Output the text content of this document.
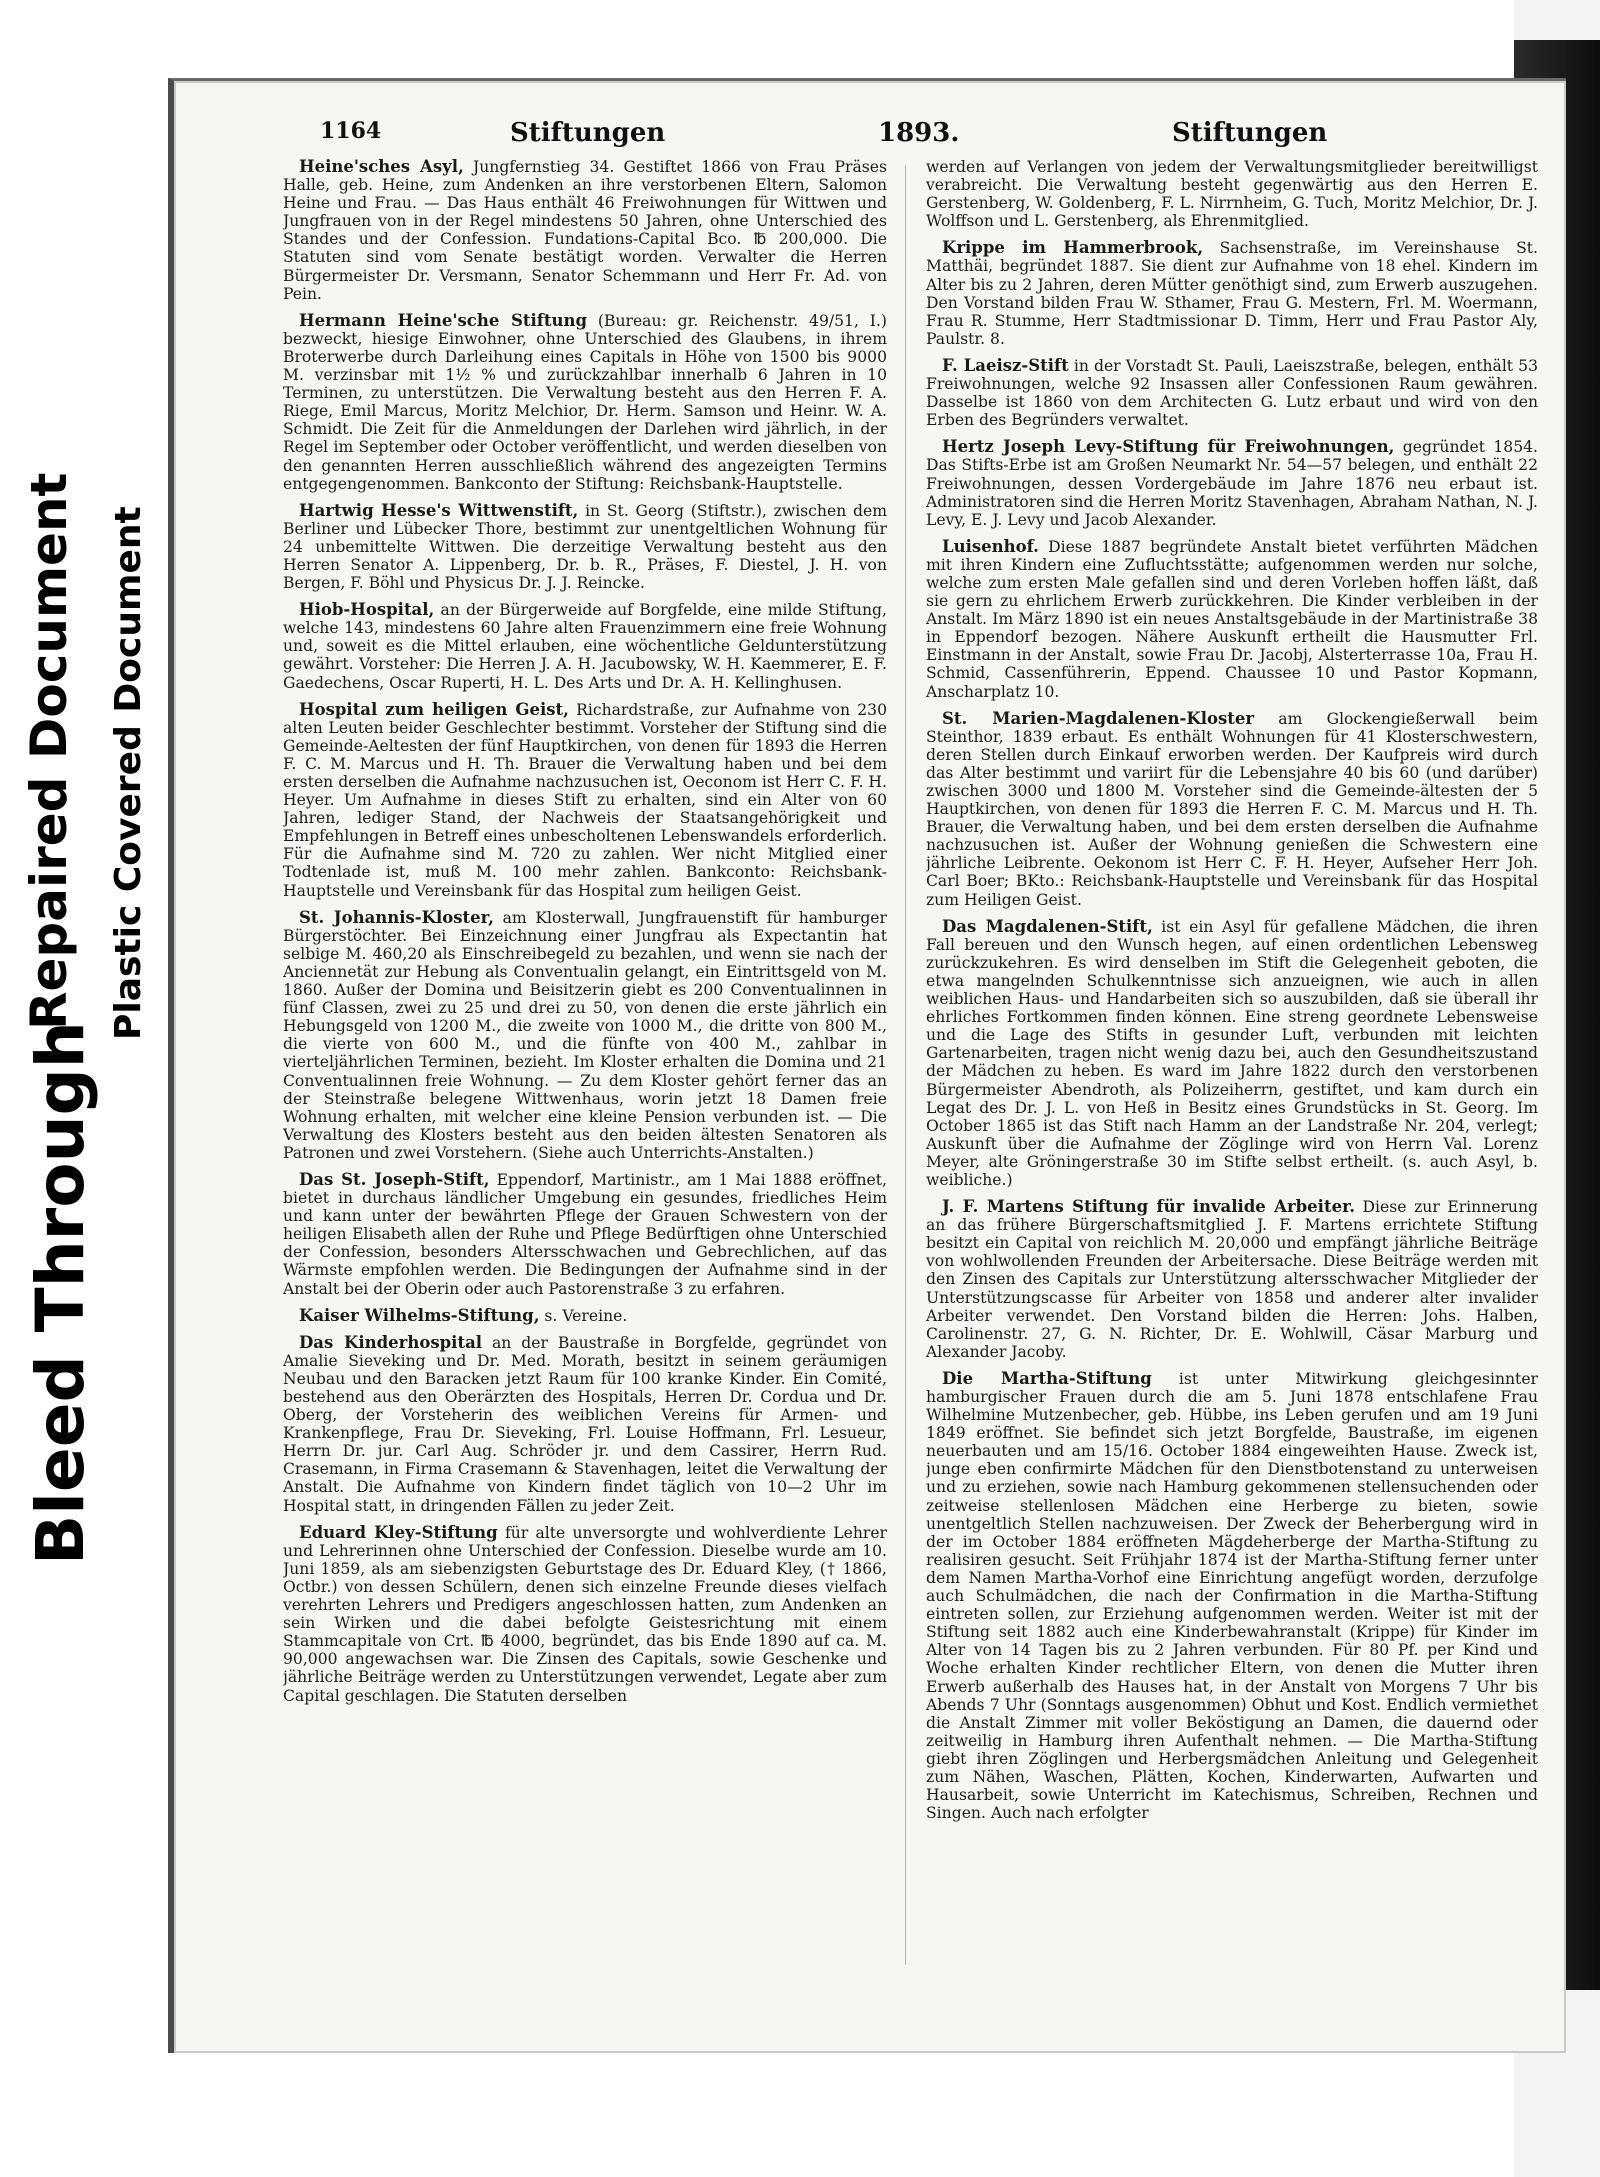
Bleed Through
Repaired Document Plastic Covered Document
1164	Stiftungen	1893.	Stiftungen

Heine'sches Asyl, Jungfernstieg 34. Gestiftet 1866 von Frau Präses Halle, geb. Heine, zum Andenken an ihre verstorbenen Eltern, Salomon Heine und Frau. — Das Haus enthält 46 Freiwohnungen für Wittwen und Jungfrauen von in der Regel mindestens 50 Jahren, ohne Unterschied des Standes und der Confession. Fundations-Capital Bco. ℔ 200,000. Die Statuten sind vom Senate bestätigt worden. Verwalter die Herren Bürgermeister Dr. Versmann, Senator Schemmann und Herr Fr. Ad. von Pein.

Hermann Heine'sche Stiftung (Bureau: gr. Reichenstr. 49/51, I.) bezweckt, hiesige Einwohner, ohne Unterschied des Glaubens, in ihrem Broterwerbe durch Darleihung eines Capitals in Höhe von 1500 bis 9000 M. verzinsbar mit 1½ % und zurückzahlbar innerhalb 6 Jahren in 10 Terminen, zu unterstützen. Die Verwaltung besteht aus den Herren F. A. Riege, Emil Marcus, Moritz Melchior, Dr. Herm. Samson und Heinr. W. A. Schmidt. Die Zeit für die Anmeldungen der Darlehen wird jährlich, in der Regel im September oder October veröffentlicht, und werden dieselben von den genannten Herren ausschließlich während des angezeigten Termins entgegengenommen. Bankconto der Stiftung: Reichsbank-Hauptstelle.

Hartwig Hesse's Wittwenstift, in St. Georg (Stiftstr.), zwischen dem Berliner und Lübecker Thore, bestimmt zur unentgeltlichen Wohnung für 24 unbemittelte Wittwen. Die derzeitige Verwaltung besteht aus den Herren Senator A. Lippenberg, Dr. b. R., Präses, F. Diestel, J. H. von Bergen, F. Böhl und Physicus Dr. J. J. Reincke.

Hiob-Hospital, an der Bürgerweide auf Borgfelde, eine milde Stiftung, welche 143, mindestens 60 Jahre alten Frauenzimmern eine freie Wohnung und, soweit es die Mittel erlauben, eine wöchentliche Geldunterstützung gewährt. Vorsteher: Die Herren J. A. H. Jacubowsky, W. H. Kaemmerer, E. F. Gaedechens, Oscar Ruperti, H. L. Des Arts und Dr. A. H. Kellinghusen.

Hospital zum heiligen Geist, Richardstraße, zur Aufnahme von 230 alten Leuten beider Geschlechter bestimmt. Vorsteher der Stiftung sind die Gemeinde-Aeltesten der fünf Hauptkirchen, von denen für 1893 die Herren F. C. M. Marcus und H. Th. Brauer die Verwaltung haben und bei dem ersten derselben die Aufnahme nachzusuchen ist, Oeconom ist Herr C. F. H. Heyer. Um Aufnahme in dieses Stift zu erhalten, sind ein Alter von 60 Jahren, lediger Stand, der Nachweis der Staatsangehörigkeit und Empfehlungen in Betreff eines unbescholtenen Lebenswandels erforderlich. Für die Aufnahme sind M. 720 zu zahlen. Wer nicht Mitglied einer Todtenlade ist, muß M. 100 mehr zahlen. Bankconto: Reichsbank-Hauptstelle und Vereinsbank für das Hospital zum heiligen Geist.

St. Johannis-Kloster, am Klosterwall, Jungfrauenstift für hamburger Bürgerstöchter. Bei Einzeichnung einer Jungfrau als Expectantin hat selbige M. 460,20 als Einschreibegeld zu bezahlen, und wenn sie nach der Anciennetät zur Hebung als Conventualin gelangt, ein Eintrittsgeld von M. 1860. Außer der Domina und Beisitzerin giebt es 200 Conventualinnen in fünf Classen, zwei zu 25 und drei zu 50, von denen die erste jährlich ein Hebungsgeld von 1200 M., die zweite von 1000 M., die dritte von 800 M., die vierte von 600 M., und die fünfte von 400 M., zahlbar in vierteljährlichen Terminen, bezieht. Im Kloster erhalten die Domina und 21 Conventualinnen freie Wohnung. — Zu dem Kloster gehört ferner das an der Steinstraße belegene Wittwenhaus, worin jetzt 18 Damen freie Wohnung erhalten, mit welcher eine kleine Pension verbunden ist. — Die Verwaltung des Klosters besteht aus den beiden ältesten Senatoren als Patronen und zwei Vorstehern. (Siehe auch Unterrichts-Anstalten.)

Das St. Joseph-Stift, Eppendorf, Martinistr., am 1 Mai 1888 eröffnet, bietet in durchaus ländlicher Umgebung ein gesundes, friedliches Heim und kann unter der bewährten Pflege der Grauen Schwestern von der heiligen Elisabeth allen der Ruhe und Pflege Bedürftigen ohne Unterschied der Confession, besonders Altersschwachen und Gebrechlichen, auf das Wärmste empfohlen werden. Die Bedingungen der Aufnahme sind in der Anstalt bei der Oberin oder auch Pastorenstraße 3 zu erfahren.

Kaiser Wilhelms-Stiftung, s. Vereine.

Das Kinderhospital an der Baustraße in Borgfelde, gegründet von Amalie Sieveking und Dr. Med. Morath, besitzt in seinem geräumigen Neubau und den Baracken jetzt Raum für 100 kranke Kinder. Ein Comité, bestehend aus den Oberärzten des Hospitals, Herren Dr. Cordua und Dr. Oberg, der Vorsteherin des weiblichen Vereins für Armen- und Krankenpflege, Frau Dr. Sieveking, Frl. Louise Hoffmann, Frl. Lesueur, Herrn Dr. jur. Carl Aug. Schröder jr. und dem Cassirer, Herrn Rud. Crasemann, in Firma Crasemann & Stavenhagen, leitet die Verwaltung der Anstalt. Die Aufnahme von Kindern findet täglich von 10—2 Uhr im Hospital statt, in dringenden Fällen zu jeder Zeit.

Eduard Kley-Stiftung für alte unversorgte und wohlverdiente Lehrer und Lehrerinnen ohne Unterschied der Confession. Dieselbe wurde am 10. Juni 1859, als am siebenzigsten Geburtstage des Dr. Eduard Kley, († 1866, Octbr.) von dessen Schülern, denen sich einzelne Freunde dieses vielfach verehrten Lehrers und Predigers angeschlossen hatten, zum Andenken an sein Wirken und die dabei befolgte Geistesrichtung mit einem Stammcapitale von Crt. ℔ 4000, begründet, das bis Ende 1890 auf ca. M. 90,000 angewachsen war. Die Zinsen des Capitals, sowie Geschenke und jährliche Beiträge werden zu Unterstützungen verwendet, Legate aber zum Capital geschlagen. Die Statuten derselben

werden auf Verlangen von jedem der Verwaltungsmitglieder bereitwilligst verabreicht. Die Verwaltung besteht gegenwärtig aus den Herren E. Gerstenberg, W. Goldenberg, F. L. Nirrnheim, G. Tuch, Moritz Melchior, Dr. J. Wolffson und L. Gerstenberg, als Ehrenmitglied.

Krippe im Hammerbrook, Sachsenstraße, im Vereinshause St. Matthäi, begründet 1887. Sie dient zur Aufnahme von 18 ehel. Kindern im Alter bis zu 2 Jahren, deren Mütter genöthigt sind, zum Erwerb auszugehen. Den Vorstand bilden Frau W. Sthamer, Frau G. Mestern, Frl. M. Woermann, Frau R. Stumme, Herr Stadtmissionar D. Timm, Herr und Frau Pastor Aly, Paulstr. 8.

F. Laeisz-Stift in der Vorstadt St. Pauli, Laeiszstraße, belegen, enthält 53 Freiwohnungen, welche 92 Insassen aller Confessionen Raum gewähren. Dasselbe ist 1860 von dem Architecten G. Lutz erbaut und wird von den Erben des Begründers verwaltet.

Hertz Joseph Levy-Stiftung für Freiwohnungen, gegründet 1854. Das Stifts-Erbe ist am Großen Neumarkt Nr. 54—57 belegen, und enthält 22 Freiwohnungen, dessen Vordergebäude im Jahre 1876 neu erbaut ist. Administratoren sind die Herren Moritz Stavenhagen, Abraham Nathan, N. J. Levy, E. J. Levy und Jacob Alexander.

Luisenhof. Diese 1887 begründete Anstalt bietet verführten Mädchen mit ihren Kindern eine Zufluchtsstätte; aufgenommen werden nur solche, welche zum ersten Male gefallen sind und deren Vorleben hoffen läßt, daß sie gern zu ehrlichem Erwerb zurückkehren. Die Kinder verbleiben in der Anstalt. Im März 1890 ist ein neues Anstaltsgebäude in der Martinistraße 38 in Eppendorf bezogen. Nähere Auskunft ertheilt die Hausmutter Frl. Einstmann in der Anstalt, sowie Frau Dr. Jacobj, Alsterterrasse 10a, Frau H. Schmid, Cassenführerin, Eppend. Chaussee 10 und Pastor Kopmann, Anscharplatz 10.

St. Marien-Magdalenen-Kloster am Glockengießerwall beim Steinthor, 1839 erbaut. Es enthält Wohnungen für 41 Klosterschwestern, deren Stellen durch Einkauf erworben werden. Der Kaufpreis wird durch das Alter bestimmt und variirt für die Lebensjahre 40 bis 60 (und darüber) zwischen 3000 und 1800 M. Vorsteher sind die Gemeinde-ältesten der 5 Hauptkirchen, von denen für 1893 die Herren F. C. M. Marcus und H. Th. Brauer, die Verwaltung haben, und bei dem ersten derselben die Aufnahme nachzusuchen ist. Außer der Wohnung genießen die Schwestern eine jährliche Leibrente. Oekonom ist Herr C. F. H. Heyer, Aufseher Herr Joh. Carl Boer; BKto.: Reichsbank-Hauptstelle und Vereinsbank für das Hospital zum Heiligen Geist.

Das Magdalenen-Stift, ist ein Asyl für gefallene Mädchen, die ihren Fall bereuen und den Wunsch hegen, auf einen ordentlichen Lebensweg zurückzukehren. Es wird denselben im Stift die Gelegenheit geboten, die etwa mangelnden Schulkenntnisse sich anzueignen, wie auch in allen weiblichen Haus- und Handarbeiten sich so auszubilden, daß sie überall ihr ehrliches Fortkommen finden können. Eine streng geordnete Lebensweise und die Lage des Stifts in gesunder Luft, verbunden mit leichten Gartenarbeiten, tragen nicht wenig dazu bei, auch den Gesundheitszustand der Mädchen zu heben. Es ward im Jahre 1822 durch den verstorbenen Bürgermeister Abendroth, als Polizeiherrn, gestiftet, und kam durch ein Legat des Dr. J. L. von Heß in Besitz eines Grundstücks in St. Georg. Im October 1865 ist das Stift nach Hamm an der Landstraße Nr. 204, verlegt; Auskunft über die Aufnahme der Zöglinge wird von Herrn Val. Lorenz Meyer, alte Gröningerstraße 30 im Stifte selbst ertheilt. (s. auch Asyl, b. weibliche.)

J. F. Martens Stiftung für invalide Arbeiter. Diese zur Erinnerung an das frühere Bürgerschaftsmitglied J. F. Martens errichtete Stiftung besitzt ein Capital von reichlich M. 20,000 und empfängt jährliche Beiträge von wohlwollenden Freunden der Arbeitersache. Diese Beiträge werden mit den Zinsen des Capitals zur Unterstützung altersschwacher Mitglieder der Unterstützungscasse für Arbeiter von 1858 und anderer alter invalider Arbeiter verwendet. Den Vorstand bilden die Herren: Johs. Halben, Carolinenstr. 27, G. N. Richter, Dr. E. Wohlwill, Cäsar Marburg und Alexander Jacoby.

Die Martha-Stiftung ist unter Mitwirkung gleichgesinnter hamburgischer Frauen durch die am 5. Juni 1878 entschlafene Frau Wilhelmine Mutzenbecher, geb. Hübbe, ins Leben gerufen und am 19 Juni 1849 eröffnet. Sie befindet sich jetzt Borgfelde, Baustraße, im eigenen neuerbauten und am 15/16. October 1884 eingeweihten Hause. Zweck ist, junge eben confirmirte Mädchen für den Dienstbotenstand zu unterweisen und zu erziehen, sowie nach Hamburg gekommenen stellensuchenden oder zeitweise stellenlosen Mädchen eine Herberge zu bieten, sowie unentgeltlich Stellen nachzuweisen. Der Zweck der Beherbergung wird in der im October 1884 eröffneten Mägdeherberge der Martha-Stiftung zu realisiren gesucht. Seit Frühjahr 1874 ist der Martha-Stiftung ferner unter dem Namen Martha-Vorhof eine Einrichtung angefügt worden, derzufolge auch Schulmädchen, die nach der Confirmation in die Martha-Stiftung eintreten sollen, zur Erziehung aufgenommen werden. Weiter ist mit der Stiftung seit 1882 auch eine Kinderbewahranstalt (Krippe) für Kinder im Alter von 14 Tagen bis zu 2 Jahren verbunden. Für 80 Pf. per Kind und Woche erhalten Kinder rechtlicher Eltern, von denen die Mutter ihren Erwerb außerhalb des Hauses hat, in der Anstalt von Morgens 7 Uhr bis Abends 7 Uhr (Sonntags ausgenommen) Obhut und Kost. Endlich vermiethet die Anstalt Zimmer mit voller Beköstigung an Damen, die dauernd oder zeitweilig in Hamburg ihren Aufenthalt nehmen. — Die Martha-Stiftung giebt ihren Zöglingen und Herbergsmädchen Anleitung und Gelegenheit zum Nähen, Waschen, Plätten, Kochen, Kinderwarten, Aufwarten und Hausarbeit, sowie Unterricht im Katechismus, Schreiben, Rechnen und Singen. Auch nach erfolgter
